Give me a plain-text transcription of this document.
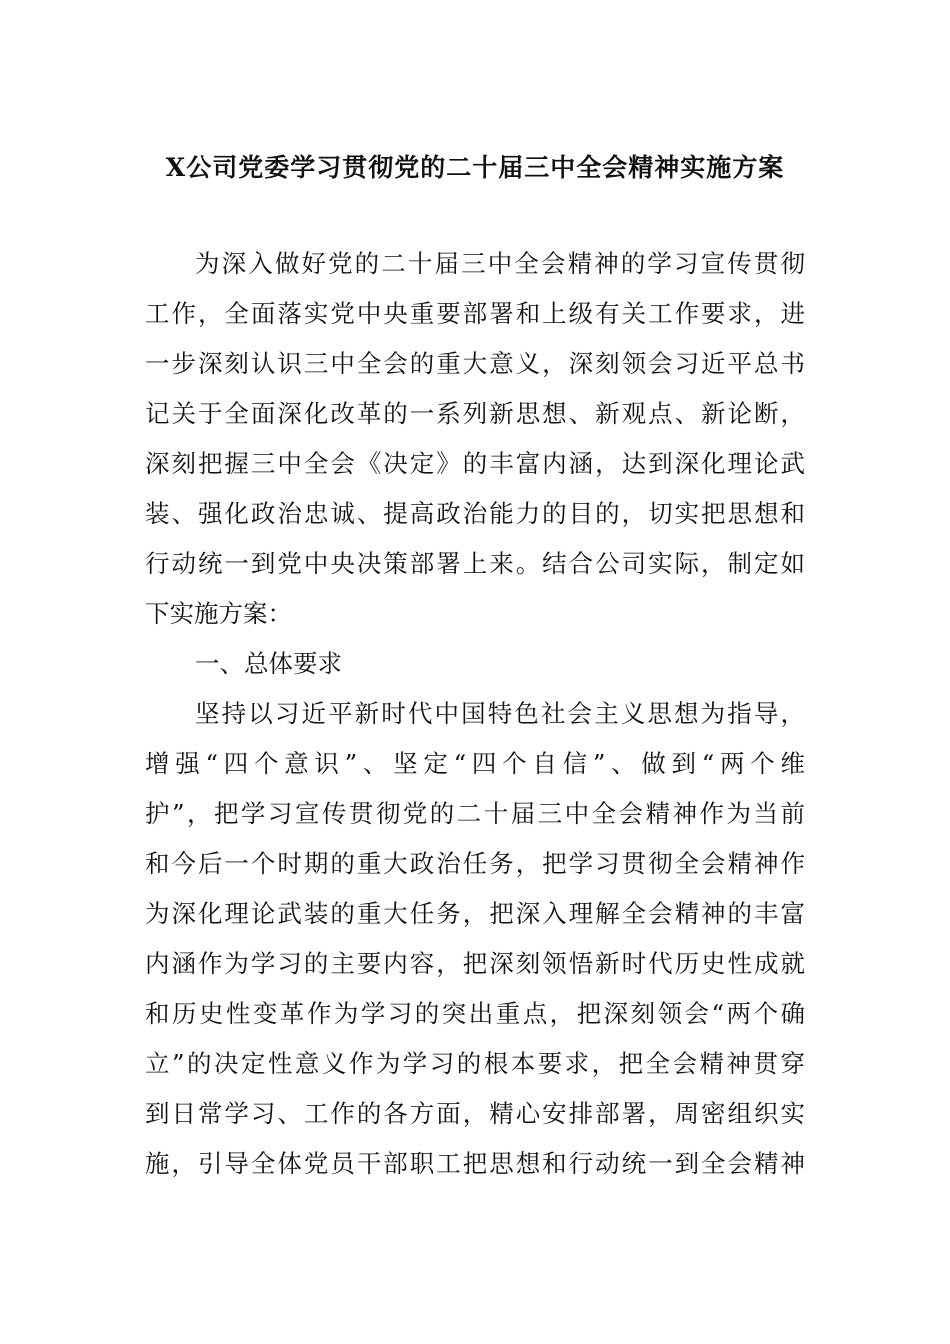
X公司党委学习贯彻党的二十届三中全会精神实施方案
为深入做好党的二十届三中全会精神的学习宣传贯彻
工作，全面落实党中央重要部署和上级有关工作要求，进
一步深刻认识三中全会的重大意义，深刻领会习近平总书
记关于全面深化改革的一系列新思想、新观点、新论断，
深刻把握三中全会《决定》的丰富内涵，达到深化理论武
装、强化政治忠诚、提高政治能力的目的，切实把思想和
行动统一到党中央决策部署上来。结合公司实际，制定如
下实施方案：
一、总体要求
坚持以习近平新时代中国特色社会主义思想为指导，
增强“四个意识”、坚定“四个自信”、做到“两个维
护”，把学习宣传贯彻党的二十届三中全会精神作为当前
和今后一个时期的重大政治任务，把学习贯彻全会精神作
为深化理论武装的重大任务，把深入理解全会精神的丰富
内涵作为学习的主要内容，把深刻领悟新时代历史性成就
和历史性变革作为学习的突出重点，把深刻领会“两个确
立”的决定性意义作为学习的根本要求，把全会精神贯穿
到日常学习、工作的各方面，精心安排部署，周密组织实
施，引导全体党员干部职工把思想和行动统一到全会精神
